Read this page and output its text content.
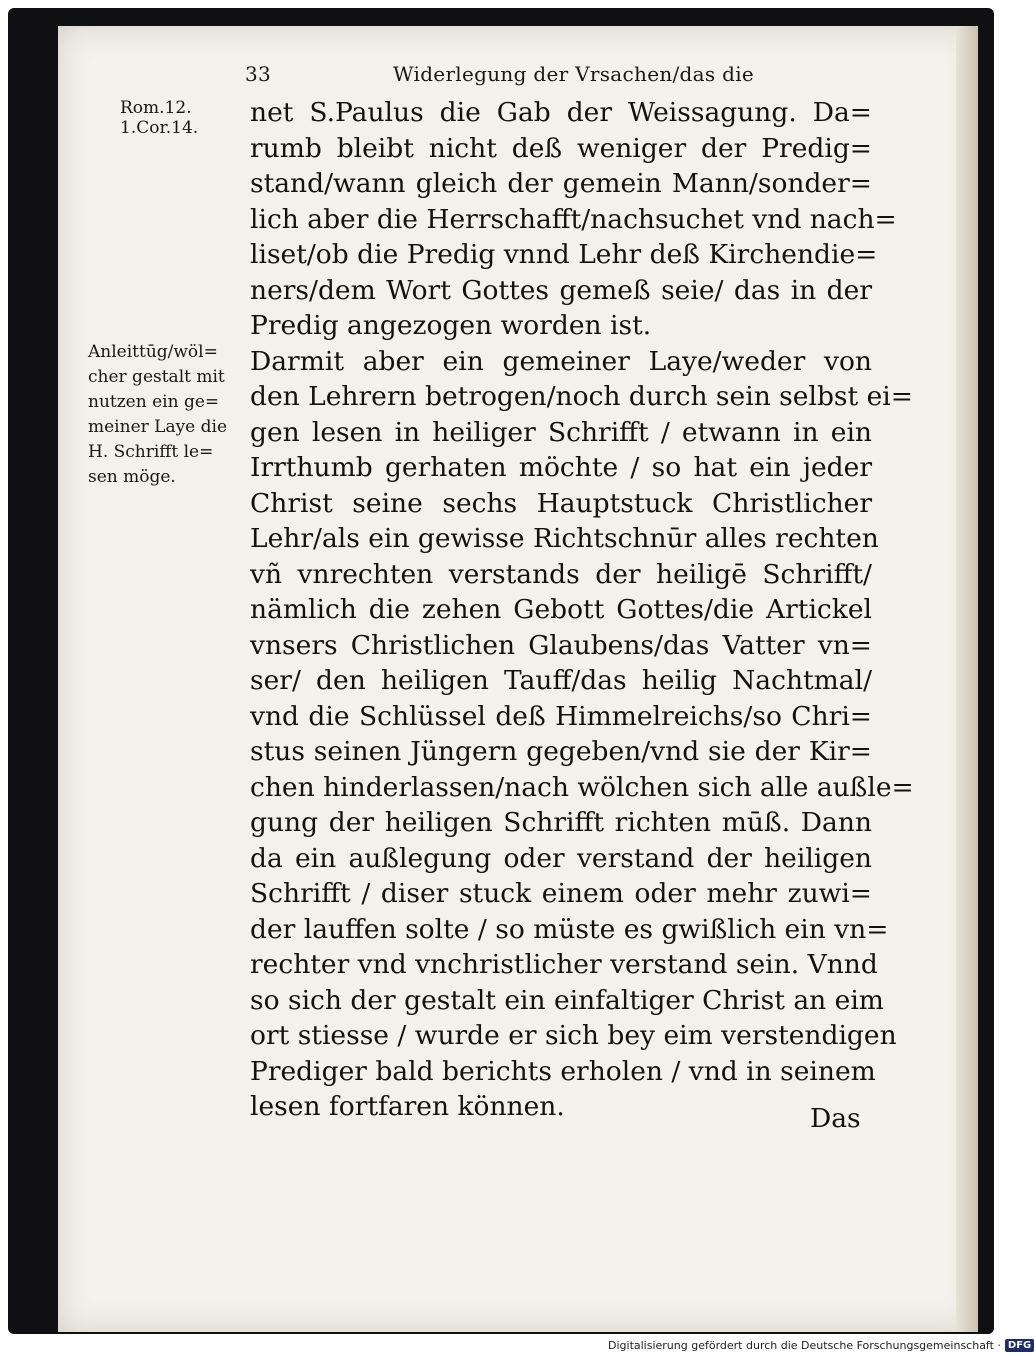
33	Widerlegung der Vrsachen/das die
Rom.12.
1.Cor.14.
Anleittūg/wöl=
cher gestalt mit
nutzen ein ge=
meiner Laye die
H. Schrifft le=
sen möge.
net S.Paulus die Gab der Weissagung. Da=
rumb bleibt nicht deß weniger der Predig=
stand/wann gleich der gemein Mann/sonder=
lich aber die Herrschafft/nachsuchet vnd nach=
liset/ob die Predig vnnd Lehr deß Kirchendie=
ners/dem Wort Gottes gemeß seie/ das in der
Predig angezogen worden ist.
Darmit aber ein gemeiner Laye/weder von
den Lehrern betrogen/noch durch sein selbst ei=
gen lesen in heiliger Schrifft / etwann in ein
Irrthumb gerhaten möchte / so hat ein jeder
Christ seine sechs Hauptstuck Christlicher
Lehr/als ein gewisse Richtschnūr alles rechten
vñ vnrechten verstands der heiligē Schrifft/
nämlich die zehen Gebott Gottes/die Artickel
vnsers Christlichen Glaubens/das Vatter vn=
ser/ den heiligen Tauff/das heilig Nachtmal/
vnd die Schlüssel deß Himmelreichs/so Chri=
stus seinen Jüngern gegeben/vnd sie der Kir=
chen hinderlassen/nach wölchen sich alle außle=
gung der heiligen Schrifft richten mūß. Dann
da ein außlegung oder verstand der heiligen
Schrifft / diser stuck einem oder mehr zuwi=
der lauffen solte / so müste es gwißlich ein vn=
rechter vnd vnchristlicher verstand sein. Vnnd
so sich der gestalt ein einfaltiger Christ an eim
ort stiesse / wurde er sich bey eim verstendigen
Prediger bald berichts erholen / vnd in seinem
lesen fortfaren können.	Das
Digitalisierung gefördert durch die Deutsche Forschungsgemeinschaft · DFG
